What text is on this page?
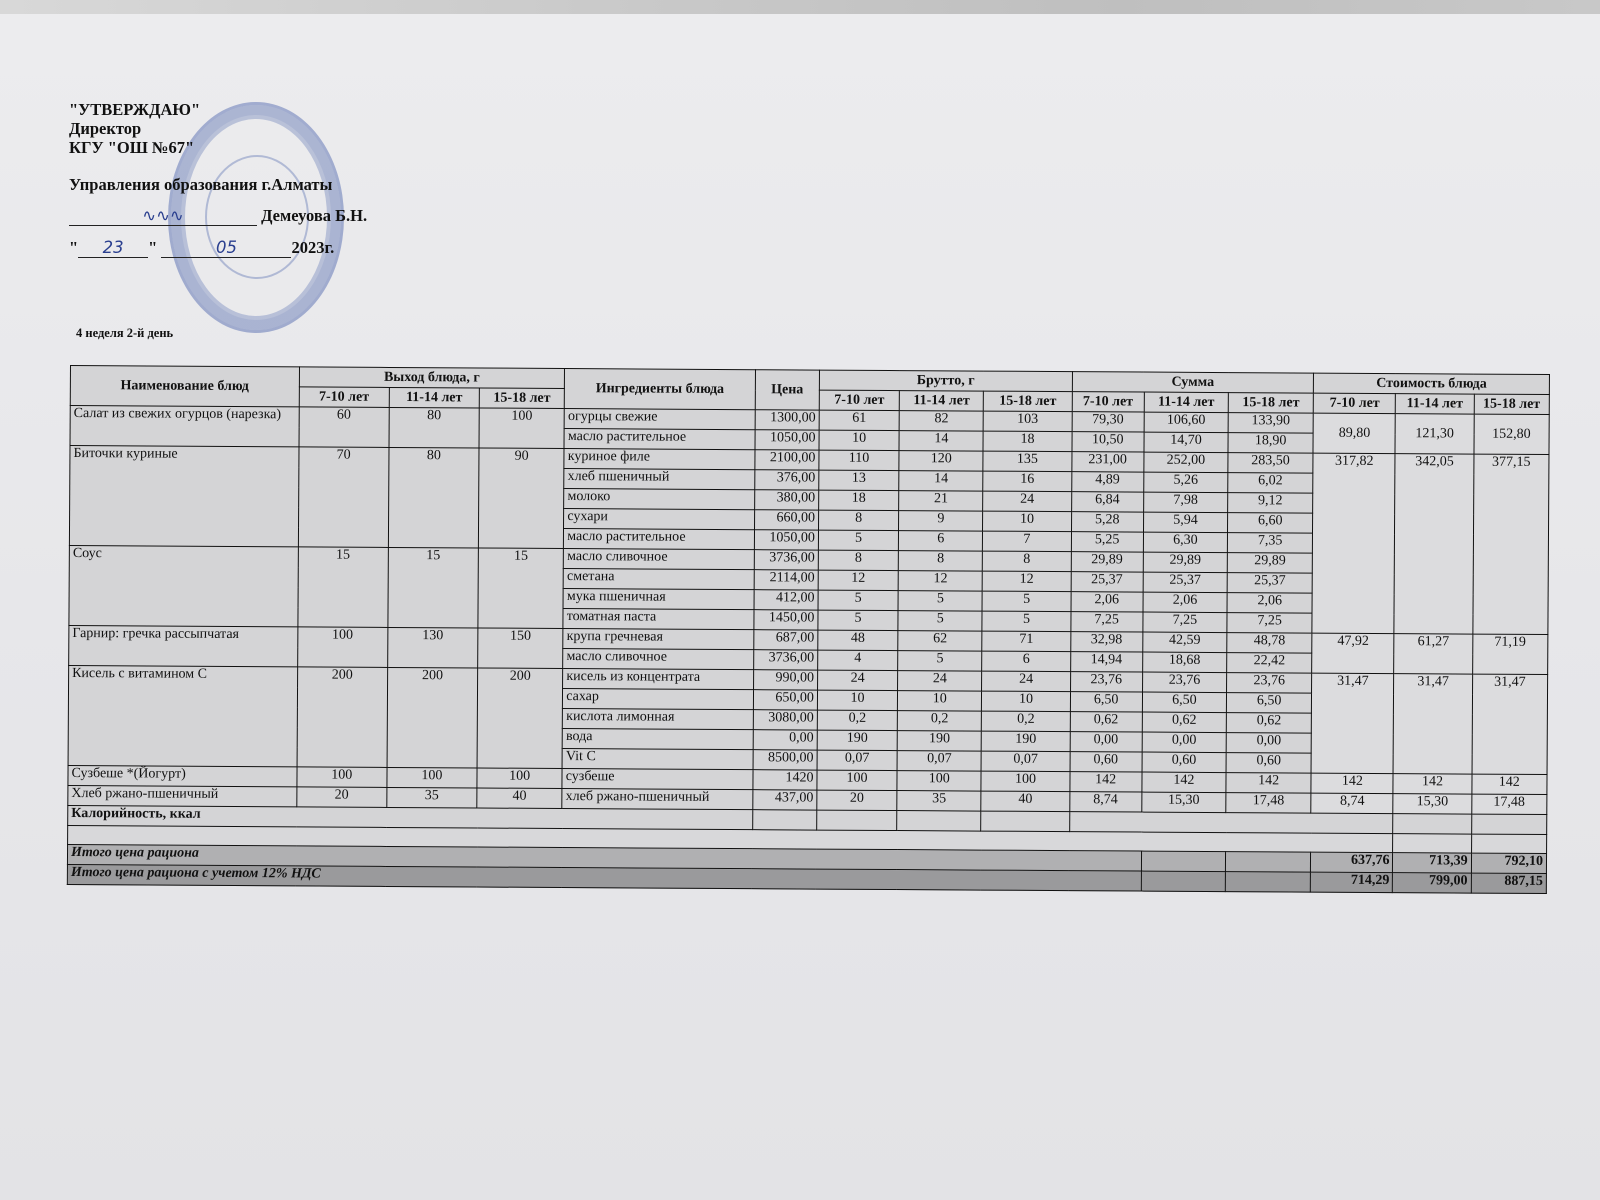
"УТВЕРЖДАЮ"
Директор
КГУ "ОШ №67"
Управления образования г.Алматы
∿∿∿	Демеуова Б.Н.
" 23 "	05	2023г.
4 неделя 2-й день
Наименование блюд	Выход блюда, г			Ингредиенты блюда	Цена	Брутто, г			Сумма			Стоимость блюда		
	7-10 лет	11-14 лет	15-18 лет			7-10 лет	11-14 лет	15-18 лет	7-10 лет	11-14 лет	15-18 лет	7-10 лет	11-14 лет	15-18 лет
Салат из свежих огурцов (нарезка)	60	80	100	огурцы свежие	1300,00	61	82	103	79,30	106,60	133,90	89,80	121,30	152,80
				масло растительное	1050,00	10	14	18	10,50	14,70	18,90			
Биточки куриные	70	80	90	куриное филе	2100,00	110	120	135	231,00	252,00	283,50	317,82	342,05	377,15
				хлеб пшеничный	376,00	13	14	16	4,89	5,26	6,02			
				молоко	380,00	18	21	24	6,84	7,98	9,12			
				сухари	660,00	8	9	10	5,28	5,94	6,60			
				масло растительное	1050,00	5	6	7	5,25	6,30	7,35			
Соус	15	15	15	масло сливочное	3736,00	8	8	8	29,89	29,89	29,89			
				сметана	2114,00	12	12	12	25,37	25,37	25,37			
				мука пшеничная	412,00	5	5	5	2,06	2,06	2,06			
				томатная паста	1450,00	5	5	5	7,25	7,25	7,25			
Гарнир: гречка рассыпчатая	100	130	150	крупа гречневая	687,00	48	62	71	32,98	42,59	48,78	47,92	61,27	71,19
				масло сливочное	3736,00	4	5	6	14,94	18,68	22,42			
Кисель с витамином С	200	200	200	кисель из концентрата	990,00	24	24	24	23,76	23,76	23,76	31,47	31,47	31,47
				сахар	650,00	10	10	10	6,50	6,50	6,50			
				кислота лимонная	3080,00	0,2	0,2	0,2	0,62	0,62	0,62			
				вода	0,00	190	190	190	0,00	0,00	0,00			
				Vit C	8500,00	0,07	0,07	0,07	0,60	0,60	0,60			
Сузбеше *(Йогурт)	100	100	100	сузбеше	1420	100	100	100	142	142	142	142	142	142
Хлеб ржано-пшеничный	20	35	40	хлеб ржано-пшеничный	437,00	20	35	40	8,74	15,30	17,48	8,74	15,30	17,48
Калорийность, ккал														

Итого цена рациона												637,76	713,39	792,10
Итого цена рациона с учетом 12% НДС												714,29	799,00	887,15
